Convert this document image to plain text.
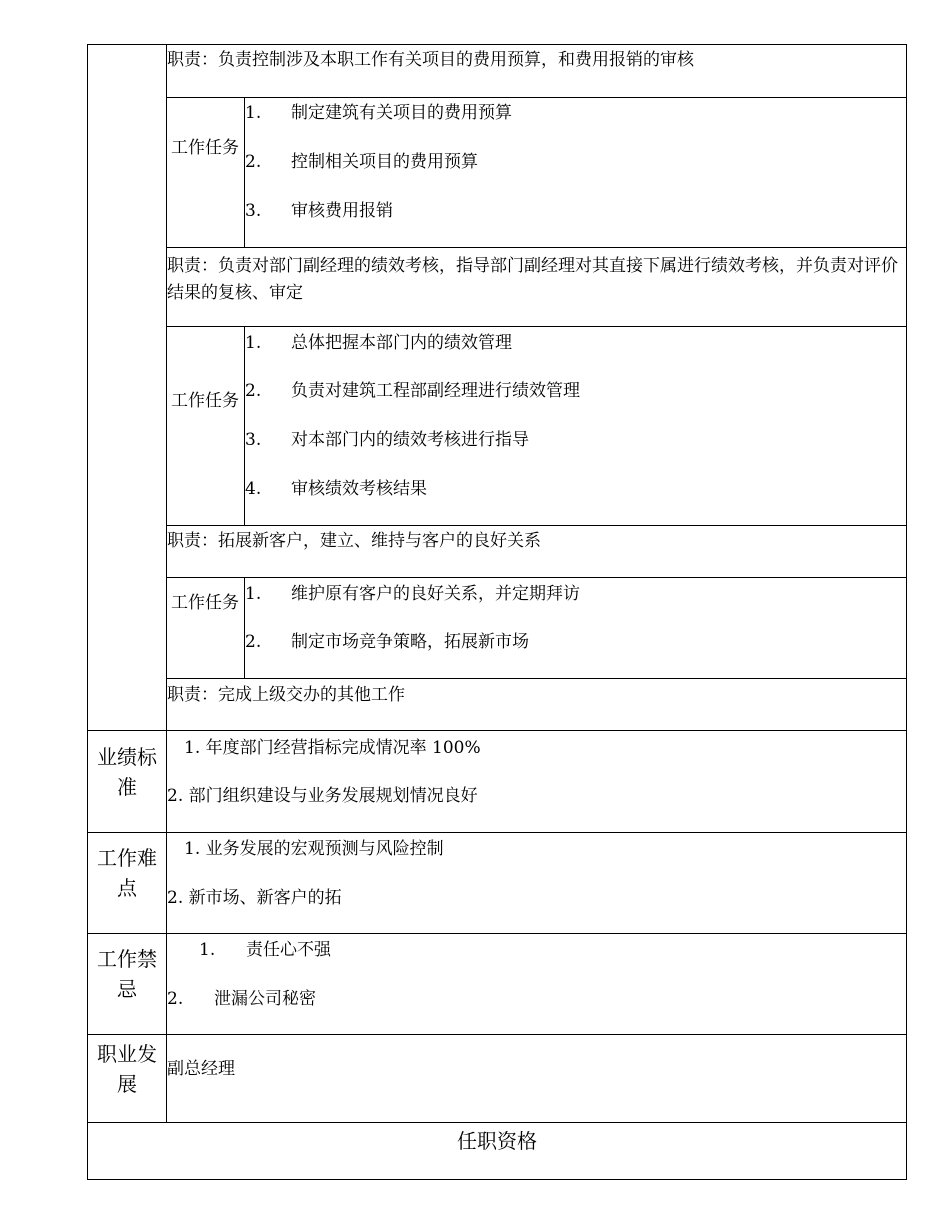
职责：负责控制涉及本职工作有关项目的费用预算，和费用报销的审核
工作任务
1. 制定建筑有关项目的费用预算
2. 控制相关项目的费用预算
3. 审核费用报销
职责：负责对部门副经理的绩效考核，指导部门副经理对其直接下属进行绩效考核，并负责对评价结果的复核、审定
工作任务
1. 总体把握本部门内的绩效管理
2. 负责对建筑工程部副经理进行绩效管理
3. 对本部门内的绩效考核进行指导
4. 审核绩效考核结果
职责：拓展新客户，建立、维持与客户的良好关系
工作任务 1. 维护原有客户的良好关系，并定期拜访
2. 制定市场竞争策略，拓展新市场
职责：完成上级交办的其他工作
业绩标准
1. 年度部门经营指标完成情况率 100%
2. 部门组织建设与业务发展规划情况良好
工作难点
1. 业务发展的宏观预测与风险控制
2. 新市场、新客户的拓
工作禁忌
1. 责任心不强
2. 泄漏公司秘密
职业发展
副总经理
任职资格
